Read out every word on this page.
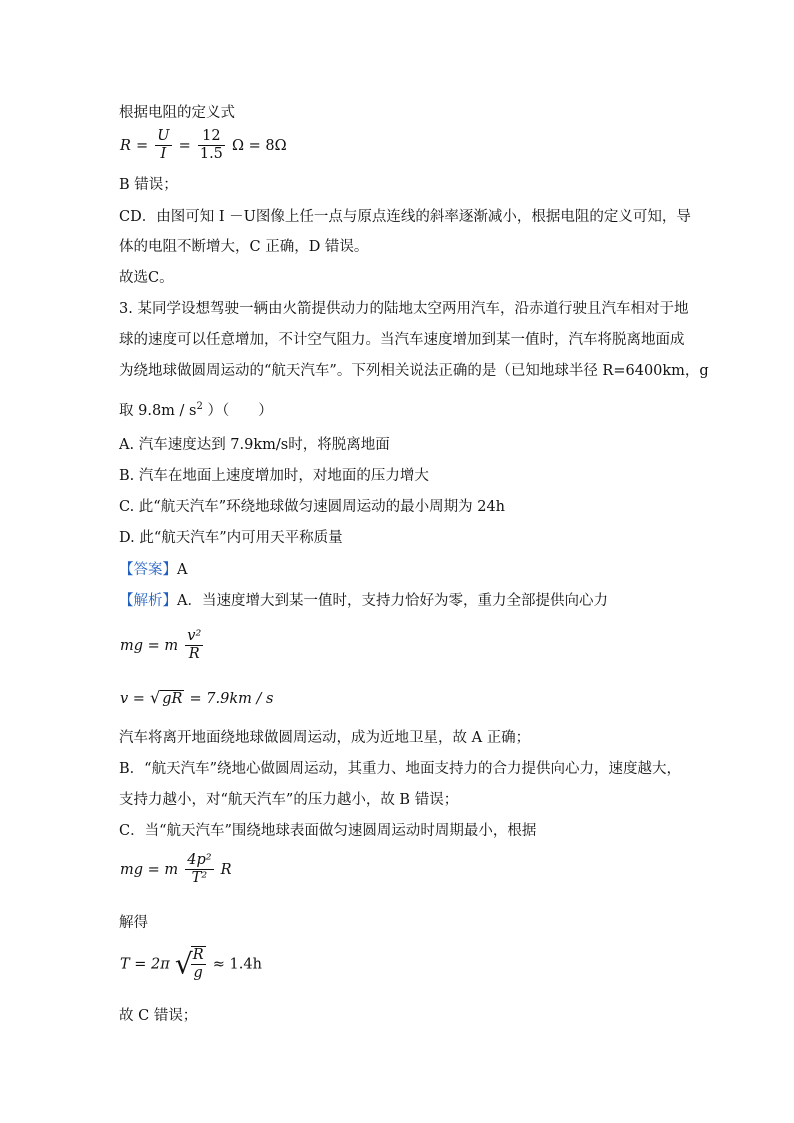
根据电阻的定义式
$R = \frac{U}{I} = \frac{12}{1.5}$ Ω = 8Ω
B 错误；
CD．由图可知 I －U图像上任一点与原点连线的斜率逐渐减小，根据电阻的定义可知，导
体的电阻不断增大，C 正确，D 错误。
故选C。
3. 某同学设想驾驶一辆由火箭提供动力的陆地太空两用汽车，沿赤道行驶且汽车相对于地
球的速度可以任意增加，不计空气阻力。当汽车速度增加到某一值时，汽车将脱离地面成
为绕地球做圆周运动的“航天汽车”。下列相关说法正确的是（已知地球半径 R=6400km，g
取 $9.8m / s^2$ ）（　　）
A. 汽车速度达到 7.9km/s时，将脱离地面
B. 汽车在地面上速度增加时，对地面的压力增大
C. 此“航天汽车”环绕地球做匀速圆周运动的最小周期为 24h
D. 此“航天汽车”内可用天平称质量
【答案】A
【解析】A．当速度增大到某一值时，支持力恰好为零，重力全部提供向心力
mg = m $\frac{\text{v²}}{R}$
v = √ gR = 7.9km / s
汽车将离开地面绕地球做圆周运动，成为近地卫星，故 A 正确；
B．“航天汽车”绕地心做圆周运动，其重力、地面支持力的合力提供向心力，速度越大，
支持力越小，对“航天汽车”的压力越小，故 B 错误；
C．当“航天汽车”围绕地球表面做匀速圆周运动时周期最小，根据
mg = m $\frac{\text{4p²}}{\text{T²}}$ R
解得
T = 2π √
$\frac{R}{g} \approx 1.4h$
故 C 错误；
